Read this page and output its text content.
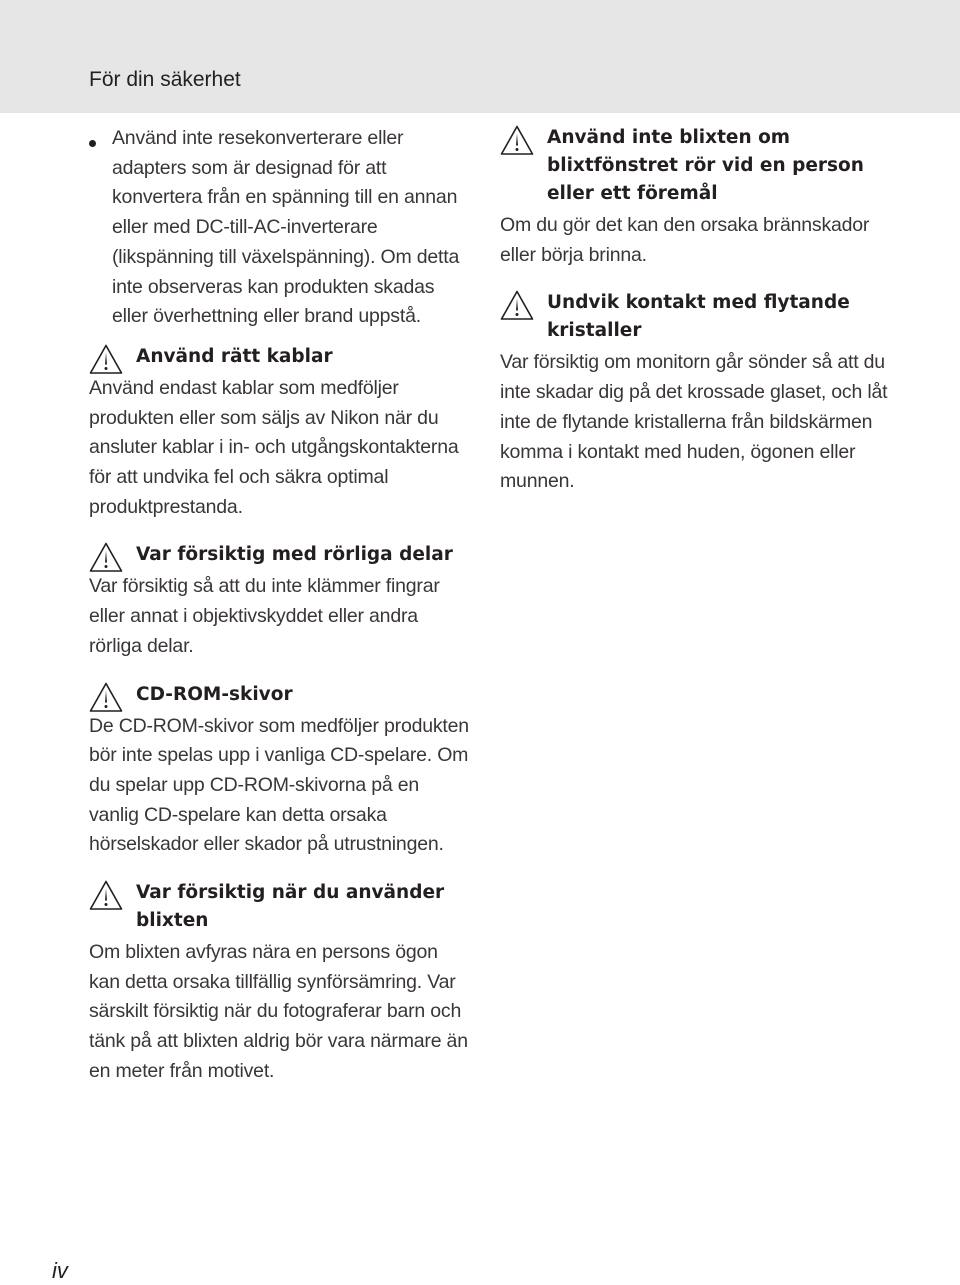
För din säkerhet

Använd inte resekonverterare eller adapters som är designad för att konvertera från en spänning till en annan eller med DC-till-AC-inverterare (likspänning till växelspänning). Om detta inte observeras kan produkten skadas eller överhettning eller brand uppstå.

Använd rätt kablar

Använd endast kablar som medföljer produkten eller som säljs av Nikon när du ansluter kablar i in- och utgångskontakterna för att undvika fel och säkra optimal produktprestanda.

Var försiktig med rörliga delar

Var försiktig så att du inte klämmer fingrar eller annat i objektivskyddet eller andra rörliga delar.

CD-ROM-skivor

De CD-ROM-skivor som medföljer produkten bör inte spelas upp i vanliga CD-spelare. Om du spelar upp CD-ROM-skivorna på en vanlig CD-spelare kan detta orsaka hörselskador eller skador på utrustningen.

Var försiktig när du använder blixten

Om blixten avfyras nära en persons ögon kan detta orsaka tillfällig synförsämring. Var särskilt försiktig när du fotograferar barn och tänk på att blixten aldrig bör vara närmare än en meter från motivet.

Använd inte blixten om blixtfönstret rör vid en person eller ett föremål

Om du gör det kan den orsaka brännskador eller börja brinna.

Undvik kontakt med flytande kristaller

Var försiktig om monitorn går sönder så att du inte skadar dig på det krossade glaset, och låt inte de flytande kristallerna från bildskärmen komma i kontakt med huden, ögonen eller munnen.

iv
